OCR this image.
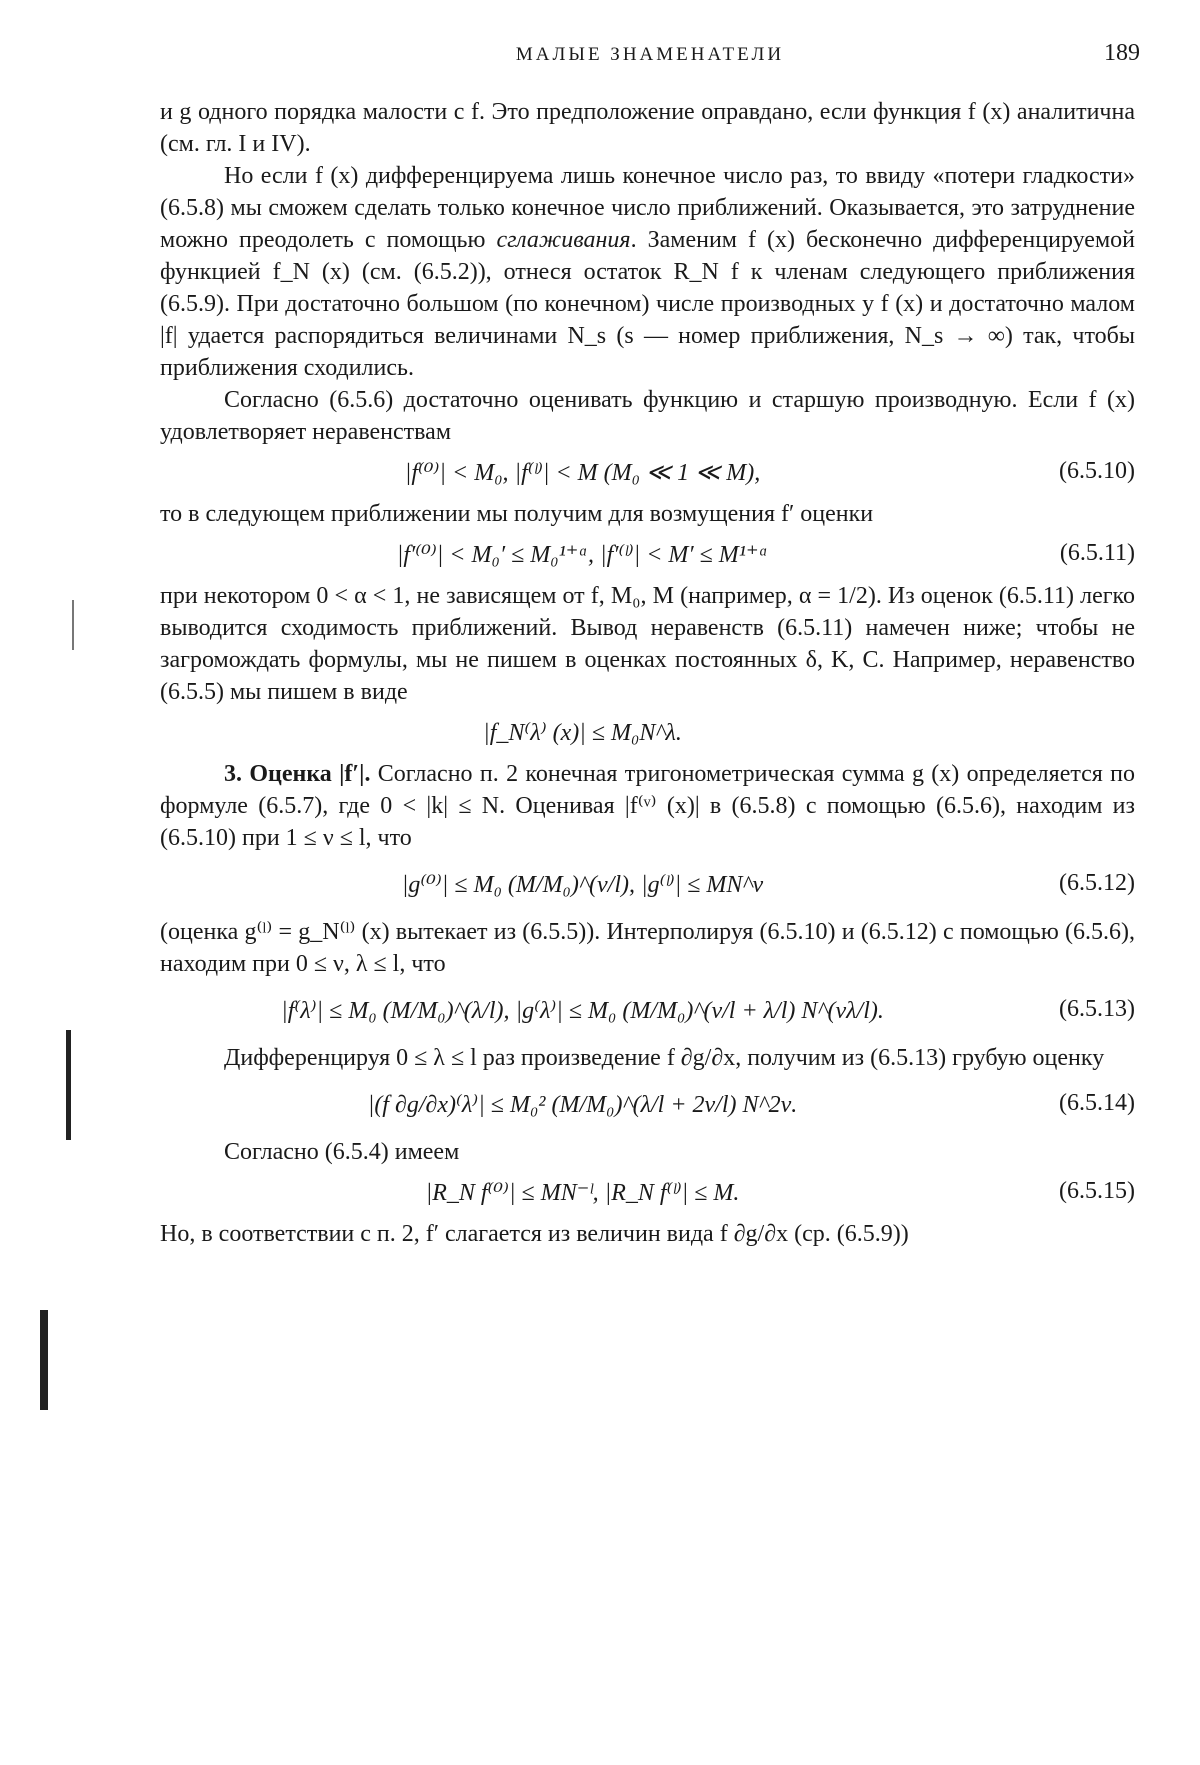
МАЛЫЕ ЗНАМЕНАТЕЛИ	189

и g одного порядка малости с f. Это предположение оправдано, если функция f (x) аналитична (см. гл. I и IV).

Но если f (x) дифференцируема лишь конечное число раз, то ввиду «потери гладкости» (6.5.8) мы сможем сделать только конечное число приближений. Оказывается, это затруднение можно преодолеть с помощью сглаживания. Заменим f (x) бесконечно дифференцируемой функцией f_N (x) (см. (6.5.2)), отнеся остаток R_N f к членам следующего приближения (6.5.9). При достаточно большом (по конечном) числе производных у f (x) и достаточно малом |f| удается распорядиться величинами N_s (s — номер приближения, N_s → ∞) так, чтобы приближения сходились.

Согласно (6.5.6) достаточно оценивать функцию и старшую производную. Если f (x) удовлетворяет неравенствам

|f⁽⁰⁾| < M₀, |f⁽ˡ⁾| < M (M₀ ≪ 1 ≪ M),	(6.5.10)

то в следующем приближении мы получим для возмущения f′ оценки

|f′⁽⁰⁾| < M₀′ ≤ M₀¹⁺ᵅ, |f′⁽ˡ⁾| < M′ ≤ M¹⁺ᵅ	(6.5.11)

при некотором 0 < α < 1, не зависящем от f, M₀, M (например, α = 1/2). Из оценок (6.5.11) легко выводится сходимость приближений. Вывод неравенств (6.5.11) намечен ниже; чтобы не загромождать формулы, мы не пишем в оценках постоянных δ, K, C. Например, неравенство (6.5.5) мы пишем в виде

|f_N⁽λ⁾ (x)| ≤ M₀N^λ.

3. Оценка |f′|. Согласно п. 2 конечная тригонометрическая сумма g (x) определяется по формуле (6.5.7), где 0 < |k| ≤ N. Оценивая |f⁽ᵛ⁾ (x)| в (6.5.8) с помощью (6.5.6), находим из (6.5.10) при 1 ≤ ν ≤ l, что

|g⁽⁰⁾| ≤ M₀ (M/M₀)^(ν/l), |g⁽ˡ⁾| ≤ MN^ν	(6.5.12)

(оценка g⁽ˡ⁾ = g_N⁽ˡ⁾ (x) вытекает из (6.5.5)). Интерполируя (6.5.10) и (6.5.12) с помощью (6.5.6), находим при 0 ≤ ν, λ ≤ l, что

|f⁽λ⁾| ≤ M₀ (M/M₀)^(λ/l), |g⁽λ⁾| ≤ M₀ (M/M₀)^(ν/l + λ/l) N^(νλ/l).	(6.5.13)

Дифференцируя 0 ≤ λ ≤ l раз произведение f ∂g/∂x, получим из (6.5.13) грубую оценку

|(f ∂g/∂x)⁽λ⁾| ≤ M₀² (M/M₀)^(λ/l + 2ν/l) N^2ν.	(6.5.14)

Согласно (6.5.4) имеем

|R_N f⁽⁰⁾| ≤ MN⁻ˡ, |R_N f⁽ˡ⁾| ≤ M.	(6.5.15)

Но, в соответствии с п. 2, f′ слагается из величин вида f ∂g/∂x (ср. (6.5.9))
